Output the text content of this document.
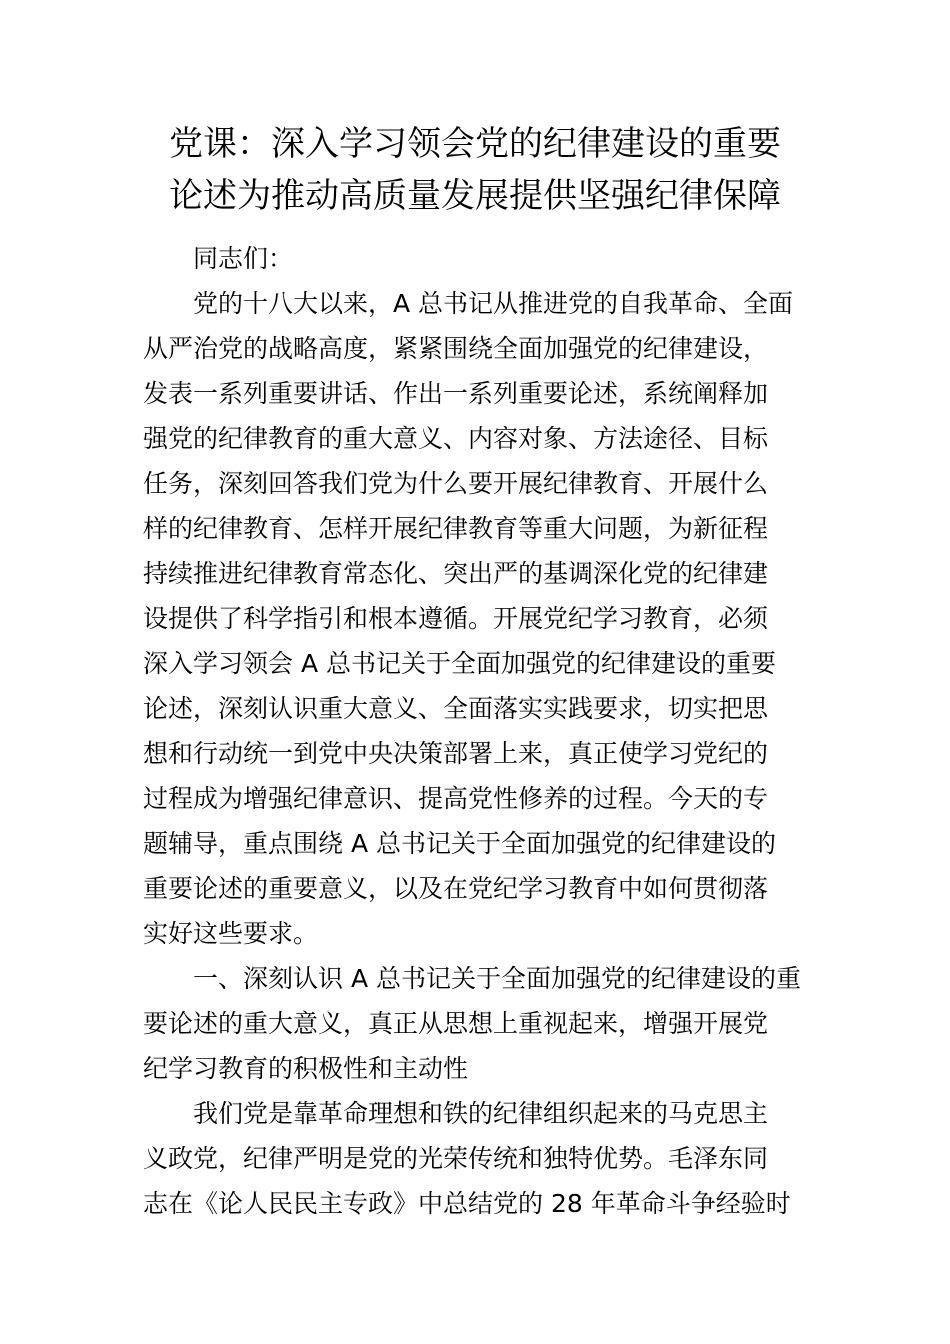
党课：深入学习领会党的纪律建设的重要
论述为推动高质量发展提供坚强纪律保障
同志们：
党的十八大以来，A 总书记从推进党的自我革命、全面
从严治党的战略高度，紧紧围绕全面加强党的纪律建设，
发表一系列重要讲话、作出一系列重要论述，系统阐释加
强党的纪律教育的重大意义、内容对象、方法途径、目标
任务，深刻回答我们党为什么要开展纪律教育、开展什么
样的纪律教育、怎样开展纪律教育等重大问题，为新征程
持续推进纪律教育常态化、突出严的基调深化党的纪律建
设提供了科学指引和根本遵循。开展党纪学习教育，必须
深入学习领会 A 总书记关于全面加强党的纪律建设的重要
论述，深刻认识重大意义、全面落实实践要求，切实把思
想和行动统一到党中央决策部署上来，真正使学习党纪的
过程成为增强纪律意识、提高党性修养的过程。今天的专
题辅导，重点围绕 A 总书记关于全面加强党的纪律建设的
重要论述的重要意义，以及在党纪学习教育中如何贯彻落
实好这些要求。
一、深刻认识 A 总书记关于全面加强党的纪律建设的重
要论述的重大意义，真正从思想上重视起来，增强开展党
纪学习教育的积极性和主动性
我们党是靠革命理想和铁的纪律组织起来的马克思主
义政党，纪律严明是党的光荣传统和独特优势。毛泽东同
志在《论人民民主专政》中总结党的 28 年革命斗争经验时
